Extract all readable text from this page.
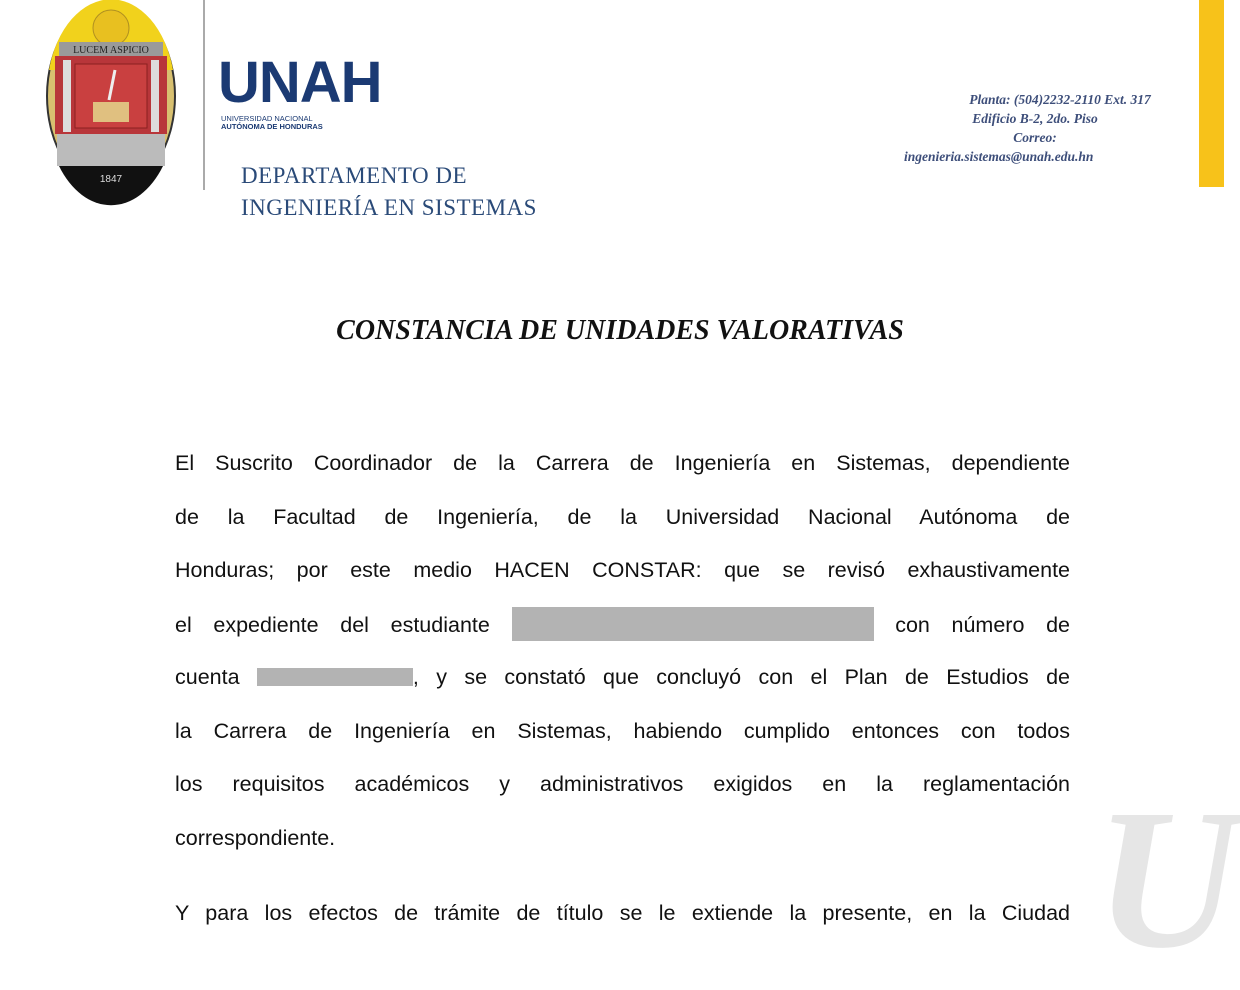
LUCEM ASPICIO
1847
UNAH
UNIVERSIDAD NACIONAL
AUTÓNOMA DE HONDURAS
DEPARTAMENTO DE
INGENIERÍA EN SISTEMAS
Planta: (504)2232-2110 Ext. 317
Edificio B-2, 2do. Piso
Correo:
ingenieria.sistemas@unah.edu.hn
U
CONSTANCIA DE UNIDADES VALORATIVAS
El Suscrito Coordinador de la Carrera de Ingeniería en Sistemas, dependiente
de la Facultad de Ingeniería, de la Universidad Nacional Autónoma de
Honduras; por este medio HACEN CONSTAR: que se revisó exhaustivamente
el expediente del estudiante	con número de
cuenta	, y se constató que concluyó con el Plan de Estudios de
la Carrera de Ingeniería en Sistemas, habiendo cumplido entonces con todos
los requisitos académicos y administrativos exigidos en la reglamentación
correspondiente.
Y para los efectos de trámite de título se le extiende la presente, en la Ciudad
